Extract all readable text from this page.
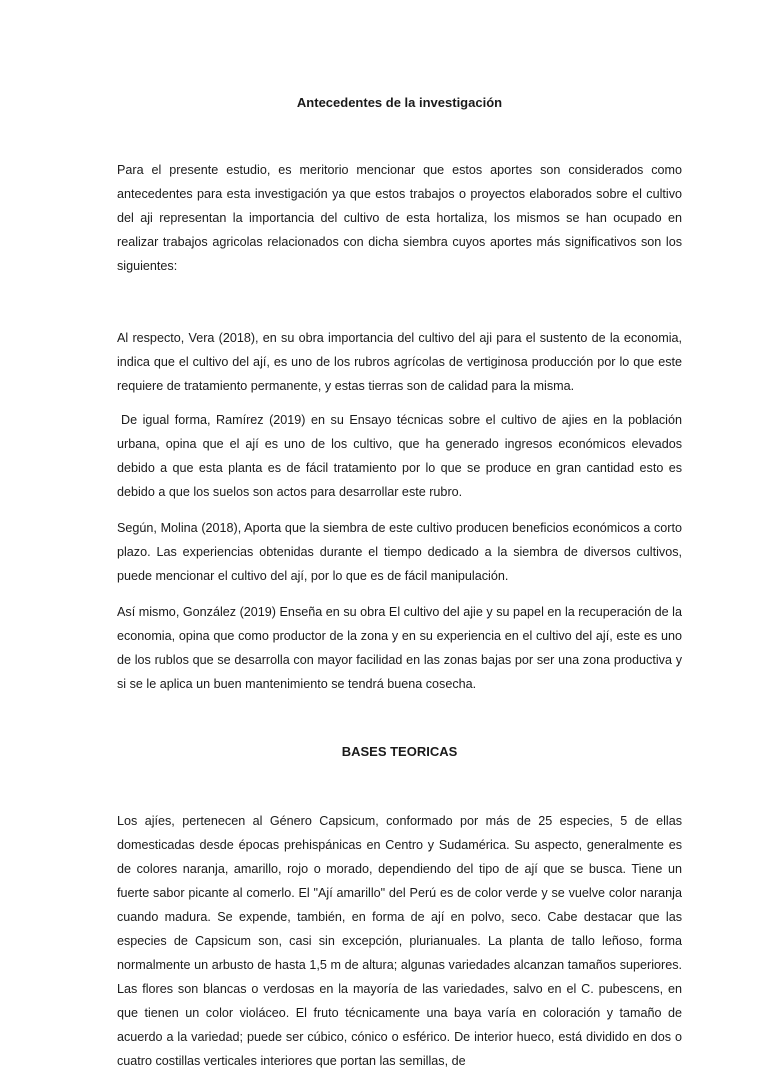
Antecedentes de la investigación

Para el presente estudio, es meritorio mencionar que estos aportes son considerados como antecedentes para esta investigación ya que estos trabajos o proyectos elaborados sobre el cultivo del aji representan la importancia del cultivo de esta hortaliza, los mismos se han ocupado en realizar trabajos agricolas relacionados con dicha siembra cuyos aportes más significativos son los siguientes:

Al respecto, Vera (2018), en su obra importancia del cultivo del aji para el sustento de la economia, indica que el cultivo del ají, es uno de los rubros agrícolas de vertiginosa producción por lo que este requiere de tratamiento permanente, y estas tierras son de calidad para la misma.

De igual forma, Ramírez (2019) en su Ensayo técnicas sobre el cultivo de ajies en la población urbana, opina que el ají es uno de los cultivo, que ha generado ingresos económicos elevados debido a que esta planta es de fácil tratamiento por lo que se produce en gran cantidad esto es debido a que los suelos son actos para desarrollar este rubro.

Según, Molina (2018), Aporta que la siembra de este cultivo producen beneficios económicos a corto plazo. Las experiencias obtenidas durante el tiempo dedicado a la siembra de diversos cultivos, puede mencionar el cultivo del ají, por lo que es de fácil manipulación.

Así mismo, González (2019) Enseña en su obra El cultivo del ajie y su papel en la recuperación de la economia, opina que como productor de la zona y en su experiencia en el cultivo del ají, este es uno de los rublos que se desarrolla con mayor facilidad en las zonas bajas por ser una zona productiva y si se le aplica un buen mantenimiento se tendrá buena cosecha.

BASES TEORICAS

Los ajíes, pertenecen al Género Capsicum, conformado por más de 25 especies, 5 de ellas domesticadas desde épocas prehispánicas en Centro y Sudamérica. Su aspecto, generalmente es de colores naranja, amarillo, rojo o morado, dependiendo del tipo de ají que se busca. Tiene un fuerte sabor picante al comerlo. El "Ají amarillo" del Perú es de color verde y se vuelve color naranja cuando madura. Se expende, también, en forma de ají en polvo, seco. Cabe destacar que las especies de Capsicum son, casi sin excepción, plurianuales. La planta de tallo leñoso, forma normalmente un arbusto de hasta 1,5 m de altura; algunas variedades alcanzan tamaños superiores. Las flores son blancas o verdosas en la mayoría de las variedades, salvo en el C. pubescens, en que tienen un color violáceo. El fruto técnicamente una baya varía en coloración y tamaño de acuerdo a la variedad; puede ser cúbico, cónico o esférico. De interior hueco, está dividido en dos o cuatro costillas verticales interiores que portan las semillas, de
